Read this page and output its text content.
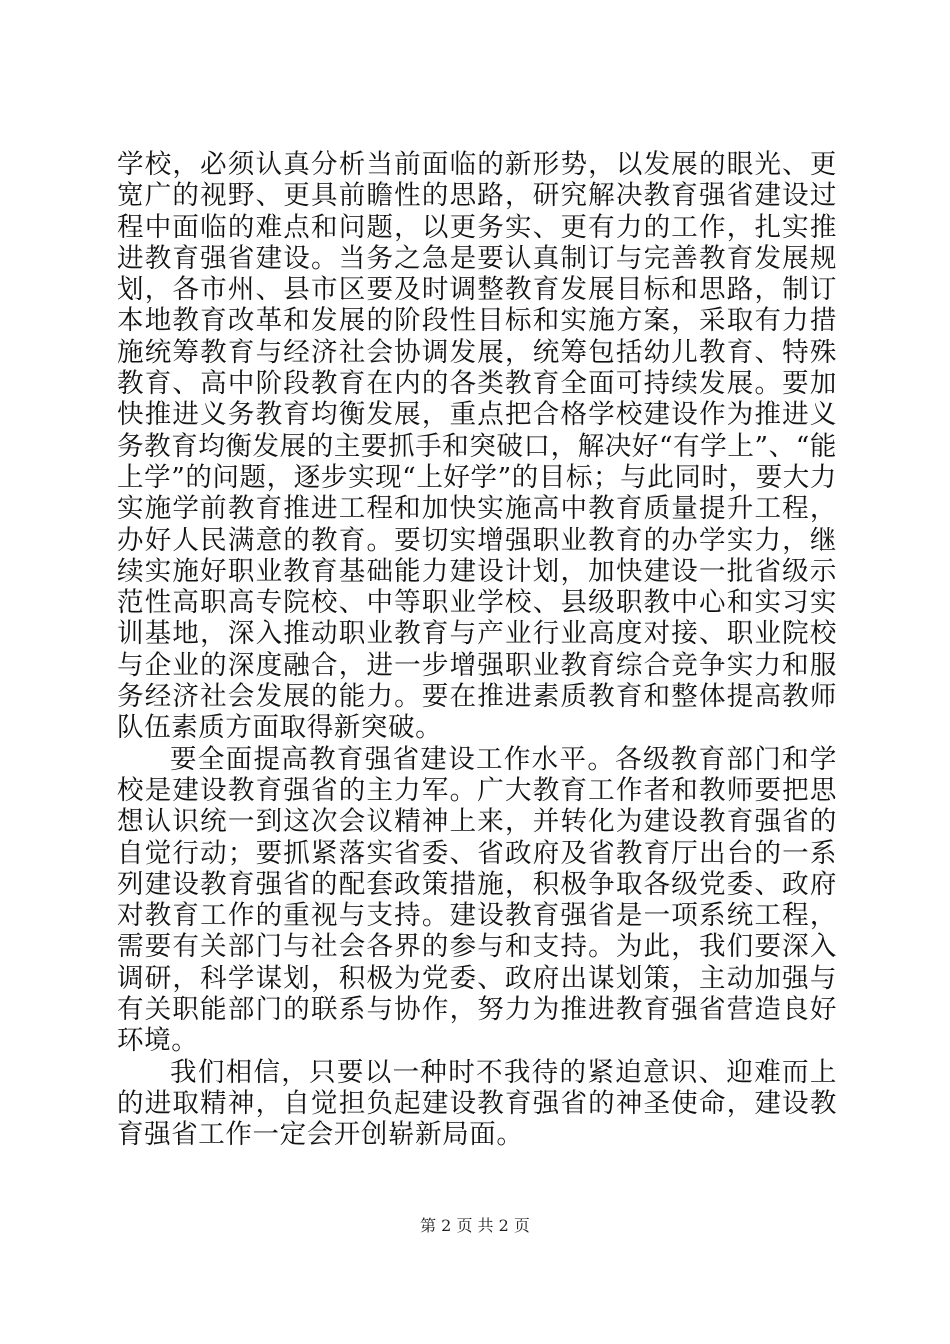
学校，必须认真分析当前面临的新形势，以发展的眼光、更宽广的视野、更具前瞻性的思路，研究解决教育强省建设过程中面临的难点和问题，以更务实、更有力的工作，扎实推进教育强省建设。当务之急是要认真制订与完善教育发展规划，各市州、县市区要及时调整教育发展目标和思路，制订本地教育改革和发展的阶段性目标和实施方案，采取有力措施统筹教育与经济社会协调发展，统筹包括幼儿教育、特殊教育、高中阶段教育在内的各类教育全面可持续发展。要加快推进义务教育均衡发展，重点把合格学校建设作为推进义务教育均衡发展的主要抓手和突破口，解决好“有学上”、“能上学”的问题，逐步实现“上好学”的目标；与此同时，要大力实施学前教育推进工程和加快实施高中教育质量提升工程，办好人民满意的教育。要切实增强职业教育的办学实力，继续实施好职业教育基础能力建设计划，加快建设一批省级示范性高职高专院校、中等职业学校、县级职教中心和实习实训基地，深入推动职业教育与产业行业高度对接、职业院校与企业的深度融合，进一步增强职业教育综合竞争实力和服务经济社会发展的能力。要在推进素质教育和整体提高教师队伍素质方面取得新突破。

要全面提高教育强省建设工作水平。各级教育部门和学校是建设教育强省的主力军。广大教育工作者和教师要把思想认识统一到这次会议精神上来，并转化为建设教育强省的自觉行动；要抓紧落实省委、省政府及省教育厅出台的一系列建设教育强省的配套政策措施，积极争取各级党委、政府对教育工作的重视与支持。建设教育强省是一项系统工程，需要有关部门与社会各界的参与和支持。为此，我们要深入调研，科学谋划，积极为党委、政府出谋划策，主动加强与有关职能部门的联系与协作，努力为推进教育强省营造良好环境。

我们相信，只要以一种时不我待的紧迫意识、迎难而上的进取精神，自觉担负起建设教育强省的神圣使命，建设教育强省工作一定会开创崭新局面。

第 2 页 共 2 页
